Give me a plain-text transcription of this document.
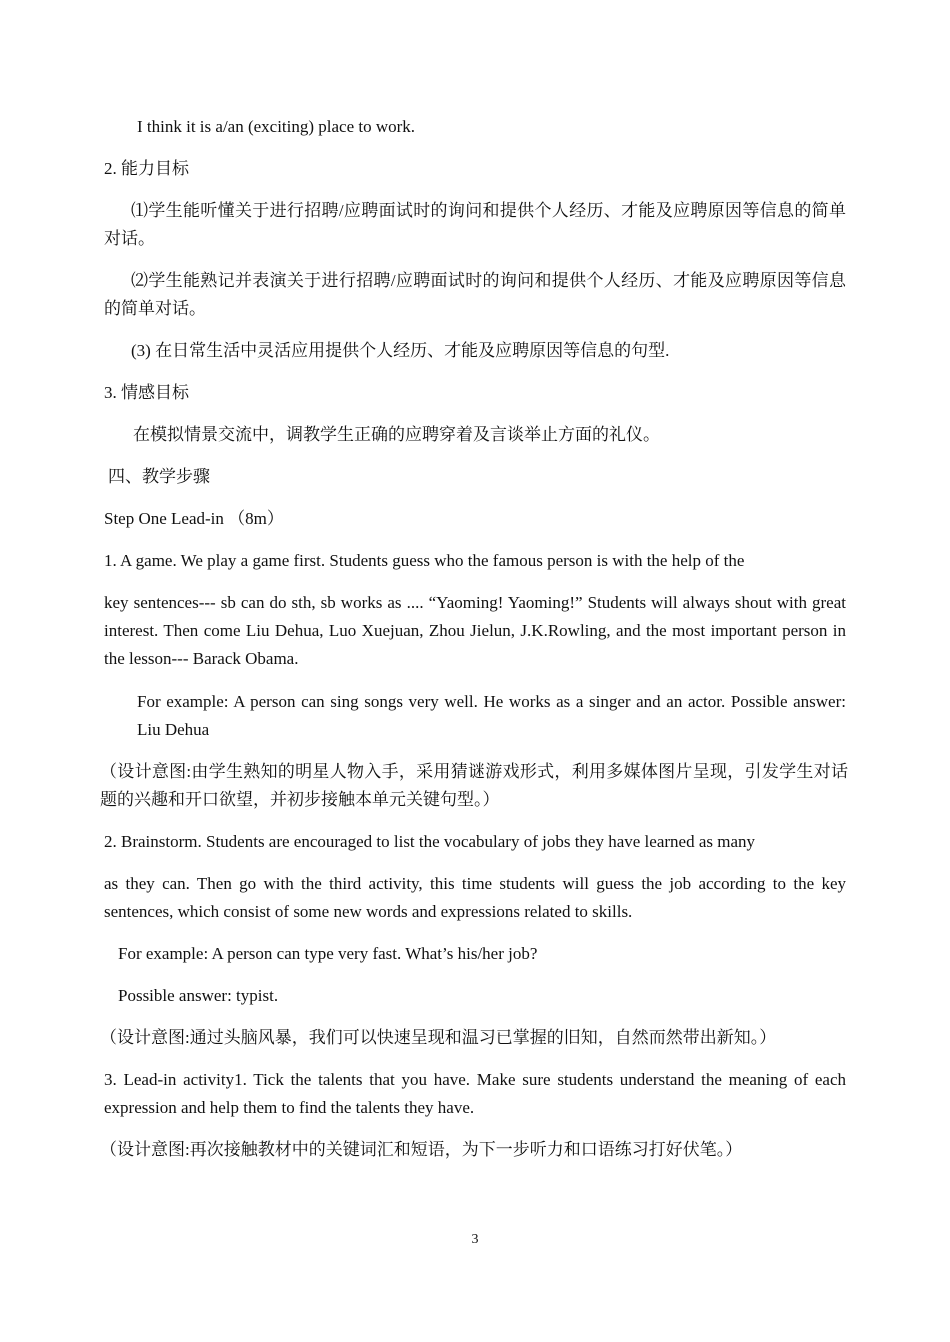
I think it is a/an (exciting) place to work.

2. 能力目标

⑴学生能听懂关于进行招聘/应聘面试时的询问和提供个人经历、才能及应聘原因等信息的简单对话。

⑵学生能熟记并表演关于进行招聘/应聘面试时的询问和提供个人经历、才能及应聘原因等信息的简单对话。

(3) 在日常生活中灵活应用提供个人经历、才能及应聘原因等信息的句型.

3. 情感目标

在模拟情景交流中，调教学生正确的应聘穿着及言谈举止方面的礼仪。

四、教学步骤

Step One Lead-in （8m）

1. A game. We play a game first. Students guess who the famous person is with the help of the

key sentences--- sb can do sth, sb works as .... “Yaoming! Yaoming!” Students will always shout with great interest. Then come Liu Dehua, Luo Xuejuan, Zhou Jielun, J.K.Rowling, and the most important person in the lesson--- Barack Obama.

For example: A person can sing songs very well. He works as a singer and an actor. Possible answer: Liu Dehua

（设计意图:由学生熟知的明星人物入手，采用猜谜游戏形式，利用多媒体图片呈现，引发学生对话题的兴趣和开口欲望，并初步接触本单元关键句型。）

2. Brainstorm. Students are encouraged to list the vocabulary of jobs they have learned as many

as they can. Then go with the third activity, this time students will guess the job according to the key sentences, which consist of some new words and expressions related to skills.

For example: A person can type very fast. What’s his/her job?

Possible answer: typist.

（设计意图:通过头脑风暴，我们可以快速呈现和温习已掌握的旧知，自然而然带出新知。）

3. Lead-in activity1. Tick the talents that you have. Make sure students understand the meaning of each expression and help them to find the talents they have.

（设计意图:再次接触教材中的关键词汇和短语，为下一步听力和口语练习打好伏笔。）

3
